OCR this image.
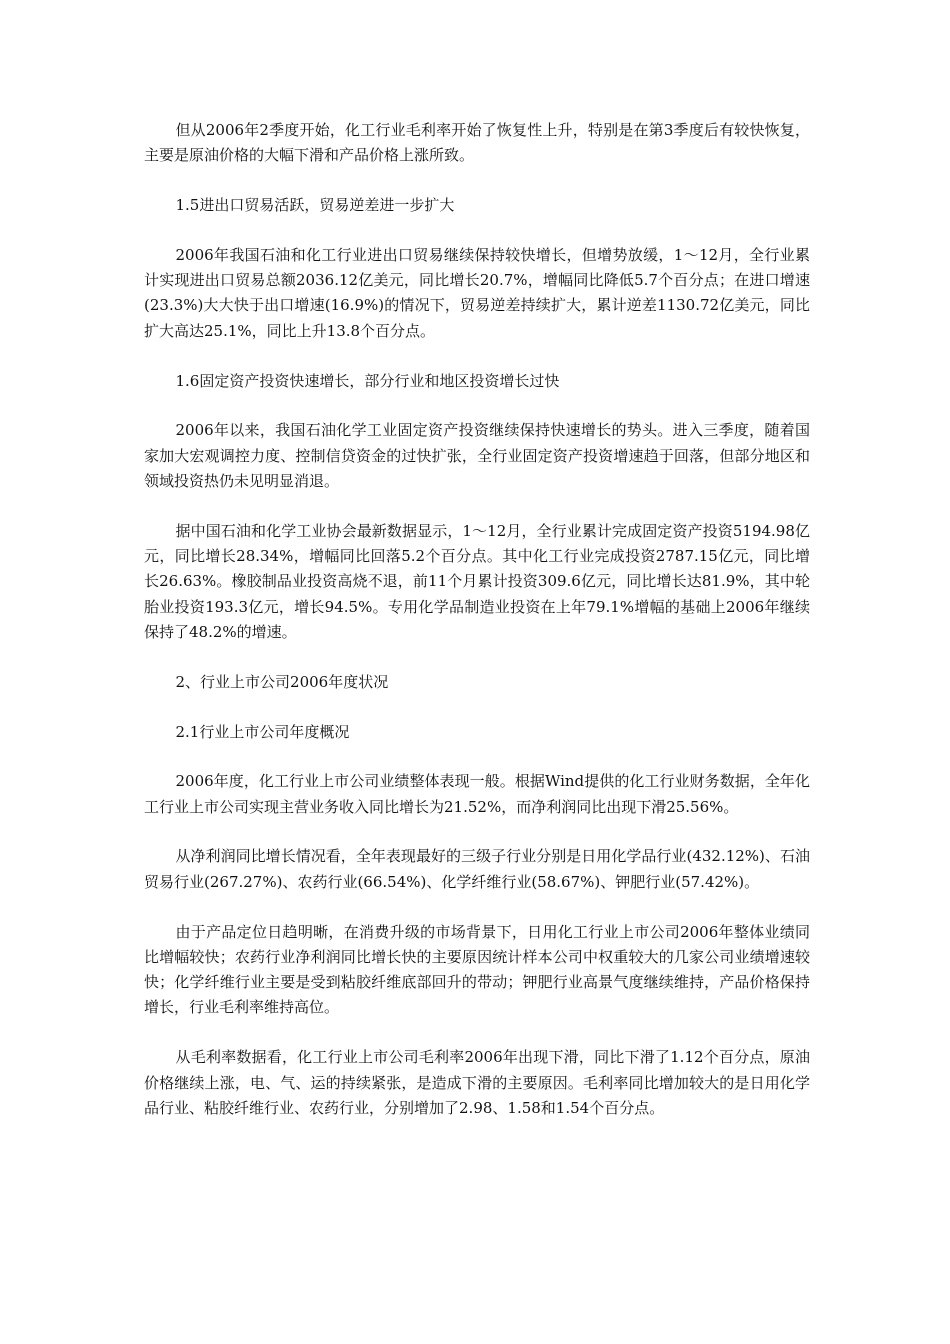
但从2006年2季度开始，化工行业毛利率开始了恢复性上升，特别是在第3季度后有较快恢复，主要是原油价格的大幅下滑和产品价格上涨所致。

1.5进出口贸易活跃，贸易逆差进一步扩大

2006年我国石油和化工行业进出口贸易继续保持较快增长，但增势放缓，1～12月，全行业累计实现进出口贸易总额2036.12亿美元，同比增长20.7%，增幅同比降低5.7个百分点；在进口增速(23.3%)大大快于出口增速(16.9%)的情况下，贸易逆差持续扩大，累计逆差1130.72亿美元，同比扩大高达25.1%，同比上升13.8个百分点。

1.6固定资产投资快速增长，部分行业和地区投资增长过快

2006年以来，我国石油化学工业固定资产投资继续保持快速增长的势头。进入三季度，随着国家加大宏观调控力度、控制信贷资金的过快扩张，全行业固定资产投资增速趋于回落，但部分地区和领域投资热仍未见明显消退。

据中国石油和化学工业协会最新数据显示，1～12月，全行业累计完成固定资产投资5194.98亿元，同比增长28.34%，增幅同比回落5.2个百分点。其中化工行业完成投资2787.15亿元，同比增长26.63%。橡胶制品业投资高烧不退，前11个月累计投资309.6亿元，同比增长达81.9%，其中轮胎业投资193.3亿元，增长94.5%。专用化学品制造业投资在上年79.1%增幅的基础上2006年继续保持了48.2%的增速。

2、行业上市公司2006年度状况

2.1行业上市公司年度概况

2006年度，化工行业上市公司业绩整体表现一般。根据Wind提供的化工行业财务数据，全年化工行业上市公司实现主营业务收入同比增长为21.52%，而净利润同比出现下滑25.56%。

从净利润同比增长情况看，全年表现最好的三级子行业分别是日用化学品行业(432.12%)、石油贸易行业(267.27%)、农药行业(66.54%)、化学纤维行业(58.67%)、钾肥行业(57.42%)。

由于产品定位日趋明晰，在消费升级的市场背景下，日用化工行业上市公司2006年整体业绩同比增幅较快；农药行业净利润同比增长快的主要原因统计样本公司中权重较大的几家公司业绩增速较快；化学纤维行业主要是受到粘胶纤维底部回升的带动；钾肥行业高景气度继续维持，产品价格保持增长，行业毛利率维持高位。

从毛利率数据看，化工行业上市公司毛利率2006年出现下滑，同比下滑了1.12个百分点，原油价格继续上涨，电、气、运的持续紧张，是造成下滑的主要原因。毛利率同比增加较大的是日用化学品行业、粘胶纤维行业、农药行业，分别增加了2.98、1.58和1.54个百分点。
